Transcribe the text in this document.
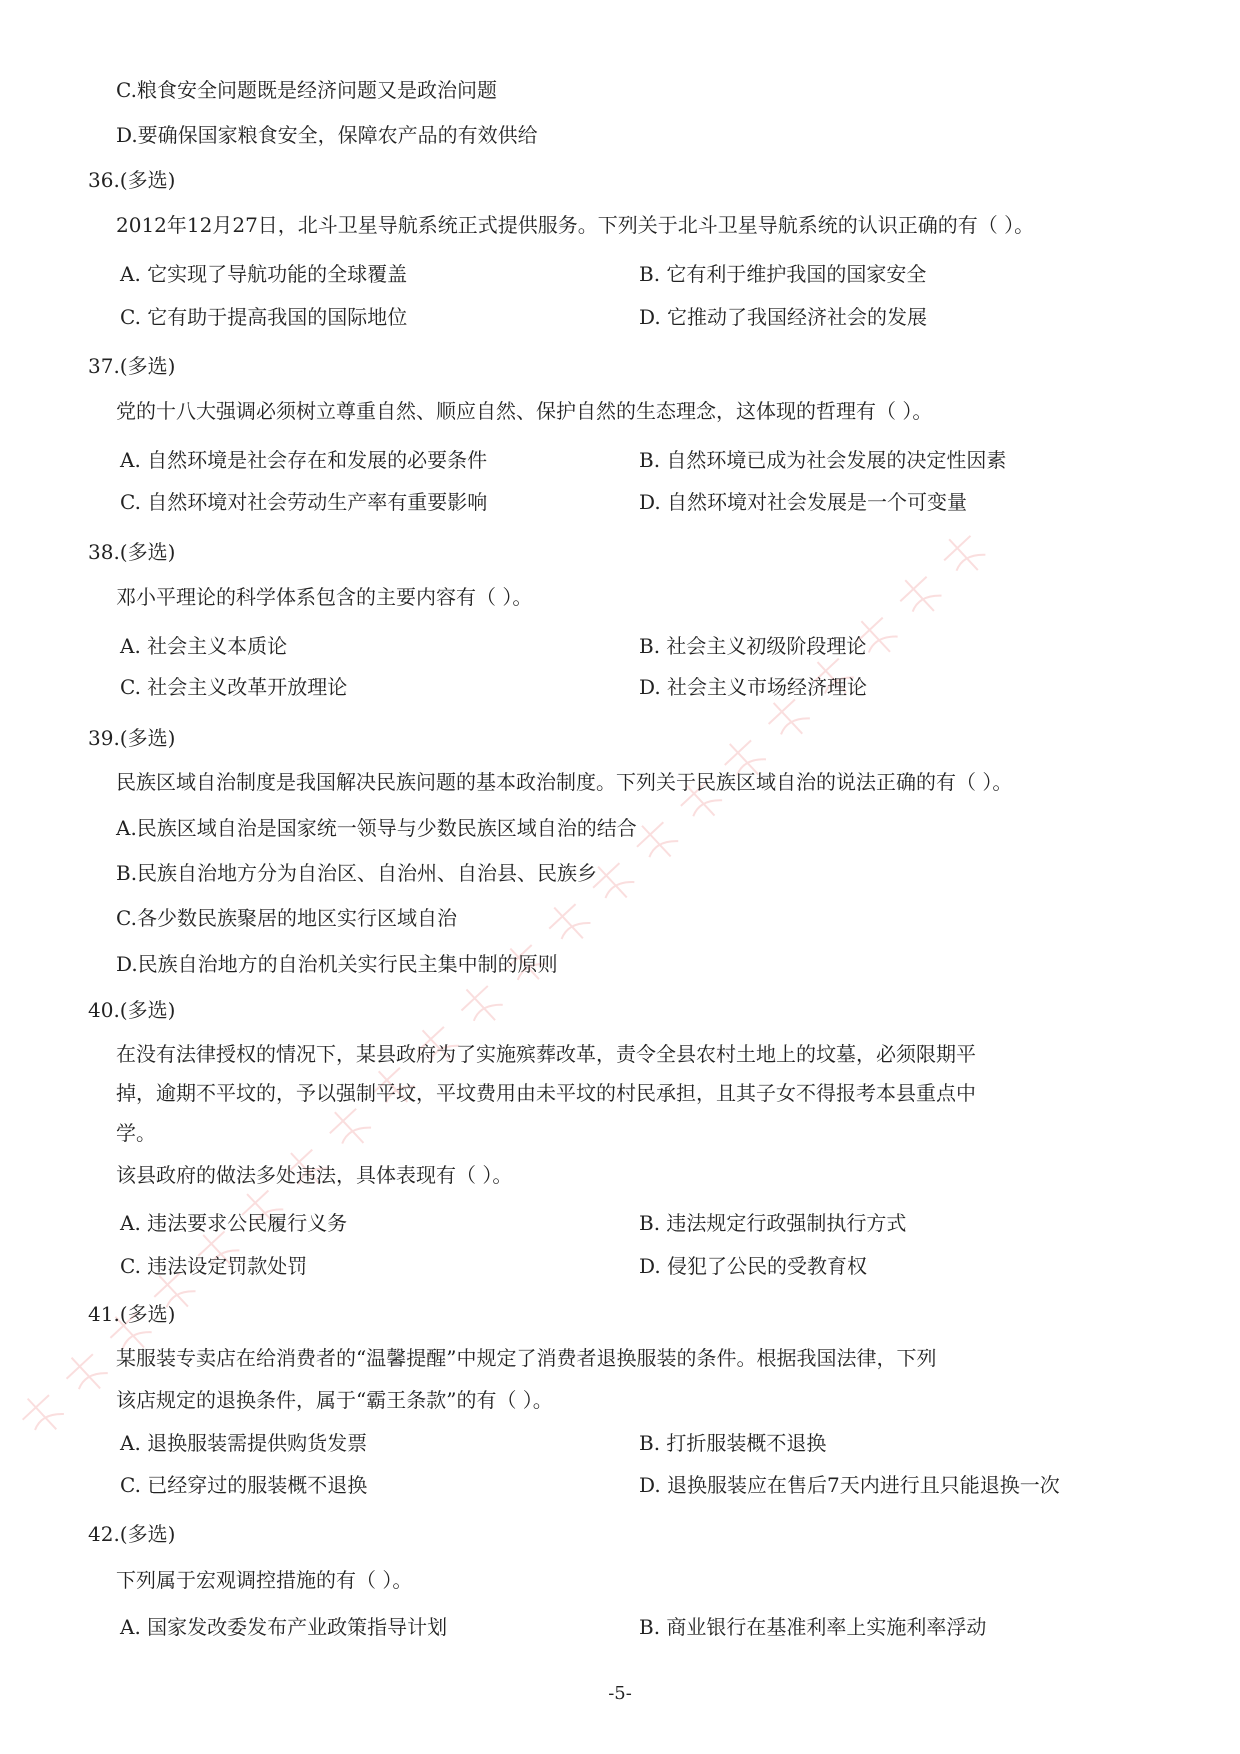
C.粮食安全问题既是经济问题又是政治问题
D.要确保国家粮食安全，保障农产品的有效供给
36.(多选)
2012年12月27日，北斗卫星导航系统正式提供服务。下列关于北斗卫星导航系统的认识正确的有（ ）。
A. 它实现了导航功能的全球覆盖	B. 它有利于维护我国的国家安全
C. 它有助于提高我国的国际地位	D. 它推动了我国经济社会的发展
37.(多选)
党的十八大强调必须树立尊重自然、顺应自然、保护自然的生态理念，这体现的哲理有（ ）。
A. 自然环境是社会存在和发展的必要条件	B. 自然环境已成为社会发展的决定性因素
C. 自然环境对社会劳动生产率有重要影响	D. 自然环境对社会发展是一个可变量
38.(多选)
邓小平理论的科学体系包含的主要内容有（ ）。
A. 社会主义本质论	B. 社会主义初级阶段理论
C. 社会主义改革开放理论	D. 社会主义市场经济理论
39.(多选)
民族区域自治制度是我国解决民族问题的基本政治制度。下列关于民族区域自治的说法正确的有（ ）。
A.民族区域自治是国家统一领导与少数民族区域自治的结合
B.民族自治地方分为自治区、自治州、自治县、民族乡
C.各少数民族聚居的地区实行区域自治
D.民族自治地方的自治机关实行民主集中制的原则
40.(多选)
在没有法律授权的情况下，某县政府为了实施殡葬改革，责令全县农村土地上的坟墓，必须限期平
掉，逾期不平坟的，予以强制平坟，平坟费用由未平坟的村民承担，且其子女不得报考本县重点中
学。
该县政府的做法多处违法，具体表现有（ ）。
A. 违法要求公民履行义务	B. 违法规定行政强制执行方式
C. 违法设定罚款处罚	D. 侵犯了公民的受教育权
41.(多选)
某服装专卖店在给消费者的“温馨提醒”中规定了消费者退换服装的条件。根据我国法律，下列
该店规定的退换条件，属于“霸王条款”的有（ ）。
A. 退换服装需提供购货发票	B. 打折服装概不退换
C. 已经穿过的服装概不退换	D. 退换服装应在售后7天内进行且只能退换一次
42.(多选)
下列属于宏观调控措施的有（ ）。
A. 国家发改委发布产业政策指导计划	B. 商业银行在基准利率上实施利率浮动
-5-
